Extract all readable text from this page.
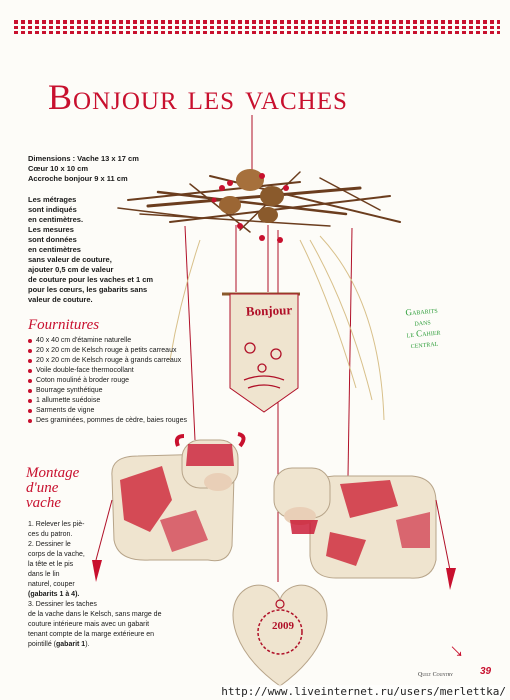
Bonjour les vaches
Bonjour
2009
Dimensions : Vache 13 x 17 cm
Cœur 10 x 10 cm
Accroche bonjour 9 x 11 cm
Les métrages
sont indiqués
en centimètres.
Les mesures
sont données
en centimètres
sans valeur de couture,
ajouter 0,5 cm de valeur
de couture pour les vaches et 1 cm
pour les cœurs, les gabarits sans
valeur de couture.
Fournitures
40 x 40 cm d'étamine naturelle
20 x 20 cm de Kelsch rouge à petits carreaux
20 x 20 cm de Kelsch rouge à grands carreaux
Voile double-face thermocollant
Coton mouliné à broder rouge
Bourrage synthétique
1 allumette suédoise
Sarments de vigne
Des graminées, pommes de cèdre, baies rouges
Montage d'une vache
1. Relever les piè-
ces du patron.
2. Dessiner le
corps de la vache,
la tête et le pis
dans le lin
naturel, couper
(gabarits 1 à 4).
3. Dessiner les taches
de la vache dans le Kelsch, sans marge de
couture intérieure mais avec un gabarit
tenant compte de la marge extérieure en
pointillé (gabarit 1).
Gabarits
dans
le Cahier
central
→
Quilt Country	39
http://www.liveinternet.ru/users/merlettka/
